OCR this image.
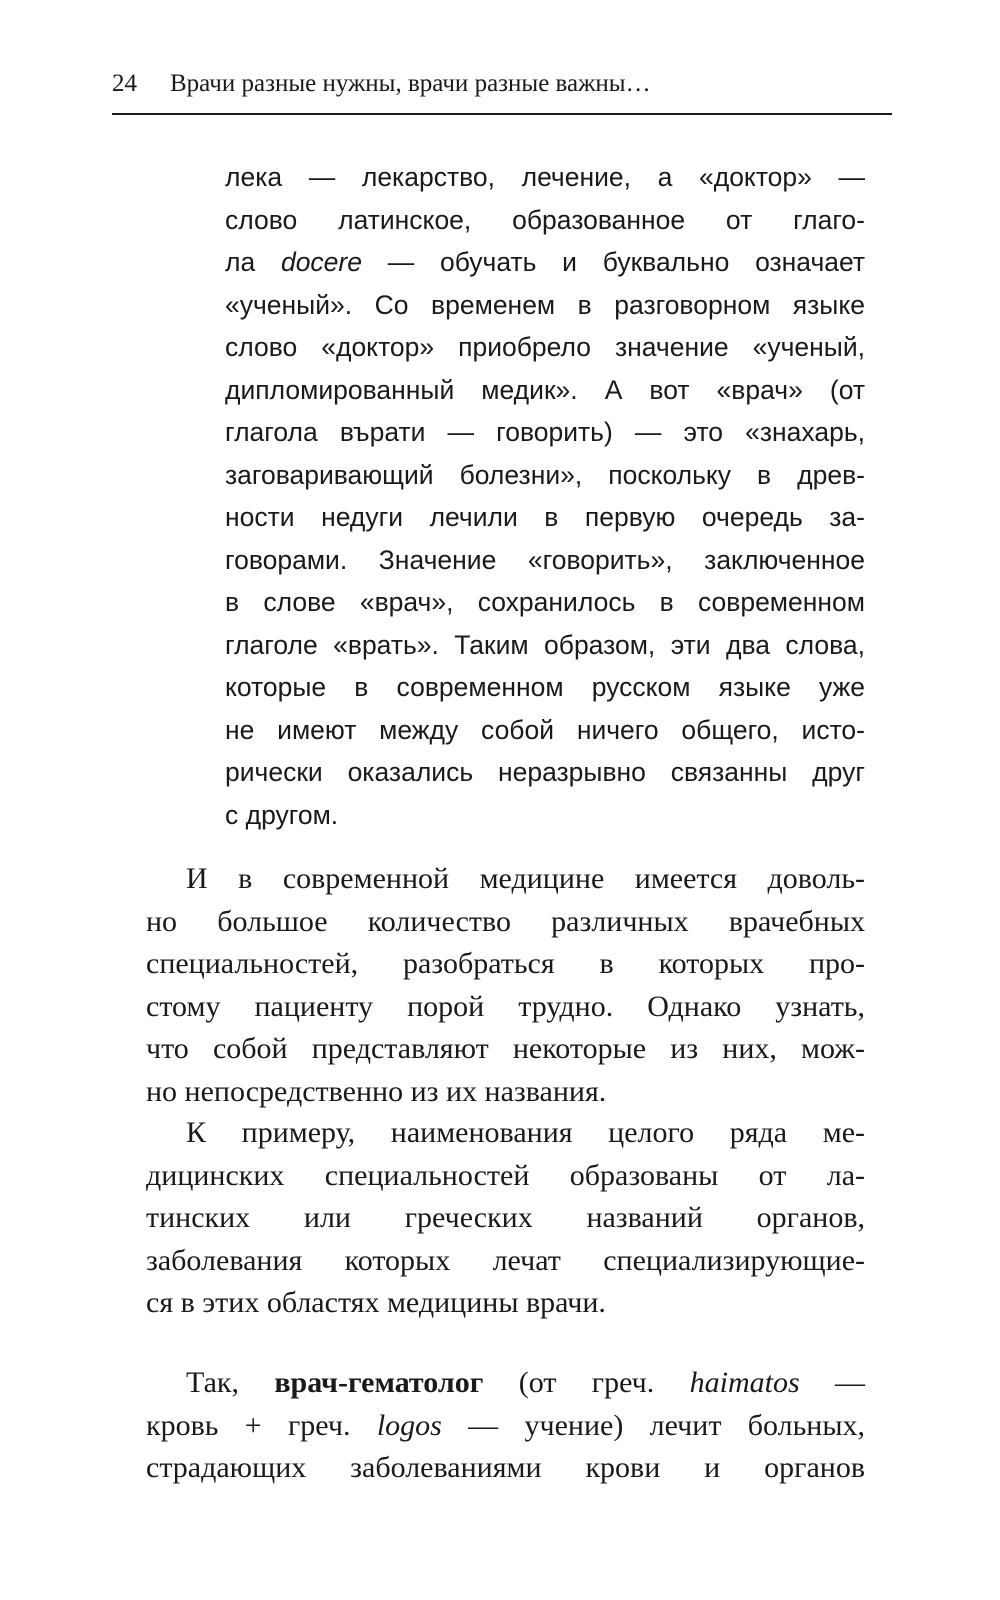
24 Врачи разные нужны, врачи разные важны…
лека — лекарство, лечение, а «доктор» —
слово латинское, образованное от глаго-
ла docere — обучать и буквально означает
«ученый». Со временем в разговорном языке
слово «доктор» приобрело значение «ученый,
дипломированный медик». А вот «врач» (от
глагола върати — говорить) — это «знахарь,
заговаривающий болезни», поскольку в древ-
ности недуги лечили в первую очередь за-
говорами. Значение «говорить», заключенное
в слове «врач», сохранилось в современном
глаголе «врать». Таким образом, эти два слова,
которые в современном русском языке уже
не имеют между собой ничего общего, исто-
рически оказались неразрывно связанны друг
с другом.
И в современной медицине имеется доволь-
но большое количество различных врачебных
специальностей, разобраться в которых про-
стому пациенту порой трудно. Однако узнать,
что собой представляют некоторые из них, мож-
но непосредственно из их названия.
К примеру, наименования целого ряда ме-
дицинских специальностей образованы от ла-
тинских или греческих названий органов,
заболевания которых лечат специализирующие-
ся в этих областях медицины врачи.
Так, врач-гематолог (от греч. haimatos —
кровь + греч. logos — учение) лечит больных,
страдающих заболеваниями крови и органов
